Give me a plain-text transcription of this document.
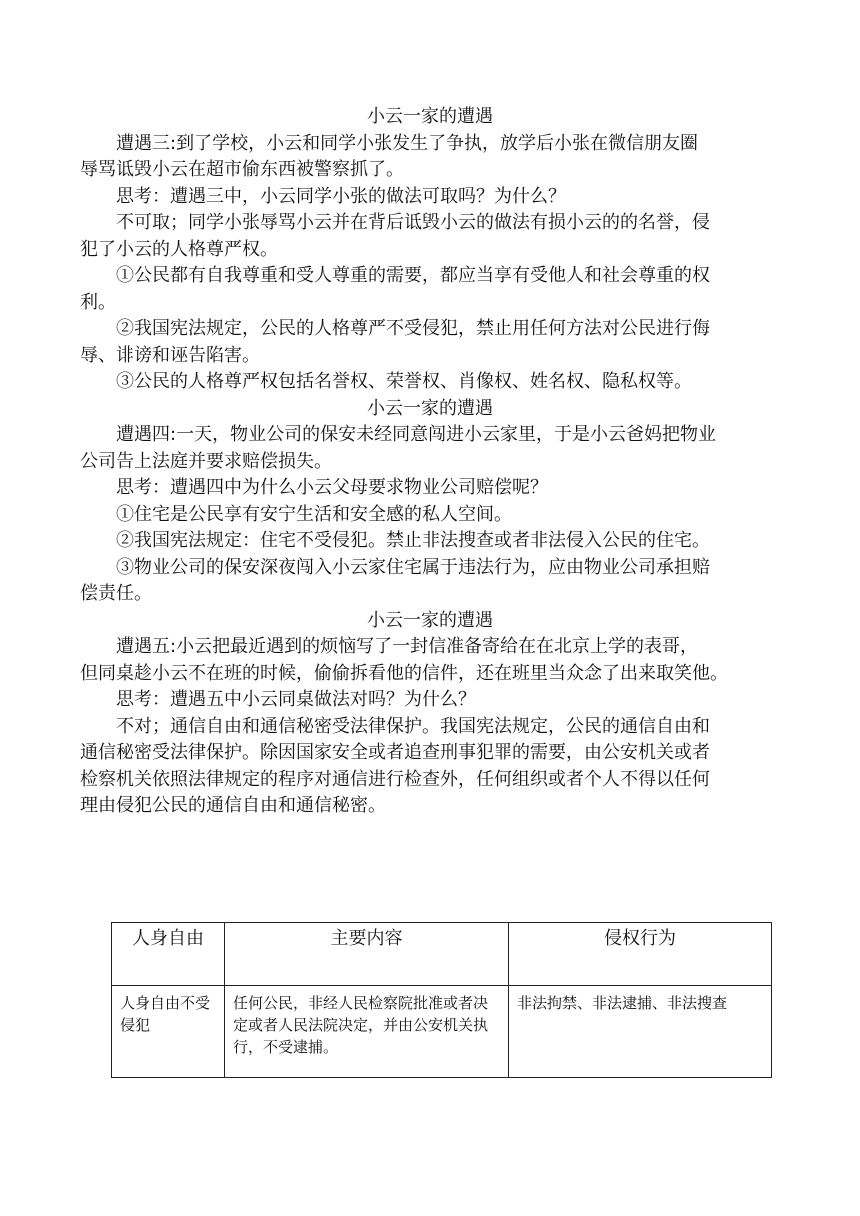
小云一家的遭遇

遭遇三:到了学校，小云和同学小张发生了争执，放学后小张在微信朋友圈

辱骂诋毁小云在超市偷东西被警察抓了。

思考：遭遇三中，小云同学小张的做法可取吗？为什么？

不可取；同学小张辱骂小云并在背后诋毁小云的做法有损小云的的名誉，侵

犯了小云的人格尊严权。

①公民都有自我尊重和受人尊重的需要，都应当享有受他人和社会尊重的权

利。

②我国宪法规定，公民的人格尊严不受侵犯，禁止用任何方法对公民进行侮

辱、诽谤和诬告陷害。

③公民的人格尊严权包括名誉权、荣誉权、肖像权、姓名权、隐私权等。

小云一家的遭遇

遭遇四:一天，物业公司的保安未经同意闯进小云家里，于是小云爸妈把物业

公司告上法庭并要求赔偿损失。

思考：遭遇四中为什么小云父母要求物业公司赔偿呢？

①住宅是公民享有安宁生活和安全感的私人空间。

②我国宪法规定：住宅不受侵犯。禁止非法搜查或者非法侵入公民的住宅。

③物业公司的保安深夜闯入小云家住宅属于违法行为，应由物业公司承担赔

偿责任。

小云一家的遭遇

遭遇五:小云把最近遇到的烦恼写了一封信准备寄给在在北京上学的表哥，

但同桌趁小云不在班的时候，偷偷拆看他的信件，还在班里当众念了出来取笑他。

思考：遭遇五中小云同桌做法对吗？为什么？

不对；通信自由和通信秘密受法律保护。我国宪法规定，公民的通信自由和

通信秘密受法律保护。除因国家安全或者追查刑事犯罪的需要，由公安机关或者

检察机关依照法律规定的程序对通信进行检查外，任何组织或者个人不得以任何

理由侵犯公民的通信自由和通信秘密。

人身自由	主要内容	侵权行为
人身自由不受侵犯	任何公民，非经人民检察院批准或者决定或者人民法院决定，并由公安机关执行，不受逮捕。	非法拘禁、非法逮捕、非法搜查
